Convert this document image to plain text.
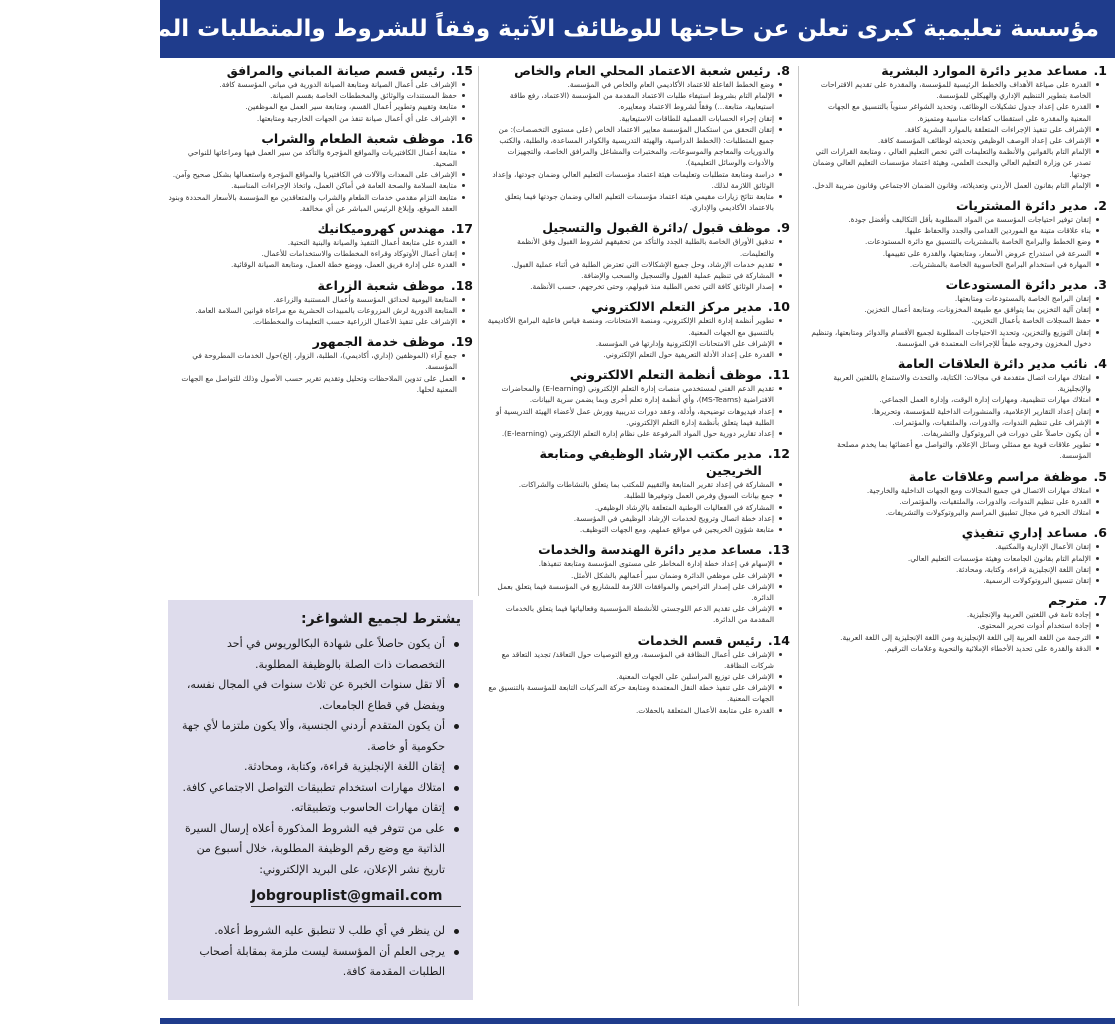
مؤسسة تعليمية كبرى تعلن عن حاجتها للوظائف الآتية وفقاً للشروط والمتطلبات المبينة لكل منها:
1.
مساعد مدير دائرة الموارد البشرية
القدرة على صياغة الأهداف والخطط الرئيسية للمؤسسة، والمقدرة على تقديم الاقتراحات الخاصة بتطوير التنظيم الإداري والهيكلي للمؤسسة.
القدرة على إعداد جدول تشكيلات الوظائف، وتحديد الشواغر سنوياً بالتنسيق مع الجهات المعنية والمقدرة على استقطاب كفاءات مناسبة ومتميزة.
الإشراف على تنفيذ الإجراءات المتعلقة بالموارد البشرية كافة.
الإشراف على إعداد الوصف الوظيفي وتحديثه لوظائف المؤسسة كافة.
الإلمام التام بالقوانين والأنظمة والتعليمات التي تخص التعليم العالي ، ومتابعة القرارات التي تصدر عن وزارة التعليم العالي والبحث العلمي، وهيئة اعتماد مؤسسات التعليم العالي وضمان جودتها.
الإلمام التام بقانون العمل الأردني وتعديلاته، وقانون الضمان الاجتماعي وقانون ضريبة الدخل.
2.
مدير دائرة المشتريات
إتقان توفير احتياجات المؤسسة من المواد المطلوبة بأقل التكاليف وأفضل جودة.
بناء علاقات متينة مع الموردين القدامى والجدد والحفاظ عليها.
وضع الخطط والبرامج الخاصة بالمشتريات بالتنسيق مع دائرة المستودعات.
السرعة في استدراج عروض الأسعار، ومتابعتها، والقدرة على تقييمها.
المهارة في استخدام البرامج الحاسوبية الخاصة بالمشتريات.
3.
مدير دائرة المستودعات
إتقان البرامج الخاصة بالمستودعات ومتابعتها.
إتقان آلية التخزين بما يتوافق مع طبيعة المخزونات، ومتابعة أعمال التخزين.
حفظ السجلات الخاصة بأعمال التخزين.
إتقان التوزيع والتخزين، وتحديد الاحتياجات المطلوبة لجميع الأقسام والدوائر ومتابعتها، وتنظيم دخول المخزون وخروجه طبقاً للإجراءات المعتمدة في المؤسسة.
4.
نائب مدير دائرة العلاقات العامة
امتلاك مهارات اتصال متقدمة في مجالات: الكتابة، والتحدث والاستماع باللغتين العربية والإنجليزية.
امتلاك مهارات تنظيمية، ومهارات إدارة الوقت، وإدارة العمل الجماعي.
إتقان إعداد التقارير الإعلامية، والمنشورات الداخلية للمؤسسة، وتحريرها.
الإشراف على تنظيم الندوات، والدورات، والملتقيات، والمؤتمرات.
أن يكون حاصلاً على دورات في البروتوكول والتشريفات.
تطوير علاقات قوية مع ممثلي وسائل الإعلام، والتواصل مع أعضائها بما يخدم مصلحة المؤسسة.
5.
موظفة مراسم وعلاقات عامة
امتلاك مهارات الاتصال في جميع المجالات ومع الجهات الداخلية والخارجية.
القدرة على تنظيم الندوات، والدورات، والملتقيات، والمؤتمرات.
امتلاك الخبرة في مجال تطبيق المراسم والبروتوكولات والتشريفات.
6.
مساعد إداري تنفيذي
إتقان الأعمال الإدارية والمكتبية.
الإلمام التام بقانون الجامعات وهيئة مؤسسات التعليم العالي.
إتقان اللغة الإنجليزية قراءة، وكتابة، ومحادثة.
إتقان تنسيق البروتوكولات الرسمية.
7.
مترجم
إجادة تامة في اللغتين العربية والإنجليزية.
إجادة استخدام أدوات تحرير المحتوى.
الترجمة من اللغة العربية إلى اللغة الإنجليزية ومن اللغة الإنجليزية إلى اللغة العربية.
الدقة والقدرة على تحديد الأخطاء الإملائية والنحوية وعلامات الترقيم.
8.
رئيس شعبة الاعتماد المحلي العام والخاص
وضع الخطط الفاعلة للاعتماد الأكاديمي العام والخاص في المؤسسة.
الإلمام التام بشروط استيفاء طلبات الاعتماد المقدمة من المؤسسة (الاعتماد، رفع طاقة استيعابية، متابعة...) وفقاً لشروط الاعتماد ومعاييره.
إتقان إجراء الحسابات الفصلية للطاقات الاستيعابية.
إتقان التحقق من استكمال المؤسسة معايير الاعتماد الخاص (على مستوى التخصصات): من جميع المتطلبات: (الخطط الدراسية، والهيئة التدريسية والكوادر المساعدة، والطلبة، والكتب والدوريات والمعاجم والموسوعات، والمختبرات والمشاغل والمرافق الخاصة، والتجهيزات والأدوات والوسائل التعليمية).
دراسة ومتابعة متطلبات وتعليمات هيئة اعتماد مؤسسات التعليم العالي وضمان جودتها، وإعداد الوثائق اللازمة لذلك.
متابعة نتائج زيارات مقيمي هيئة اعتماد مؤسسات التعليم العالي وضمان جودتها فيما يتعلق بالاعتماد الأكاديمي والإداري.
9.
موظف قبول /دائرة القبول والتسجيل
تدقيق الأوراق الخاصة بالطلبة الجدد والتأكد من تحقيقهم لشروط القبول وفق الأنظمة والتعليمات.
تقديم خدمات الإرشاد، وحل جميع الإشكالات التي تعترض الطلبة في أثناء عملية القبول.
المشاركة في تنظيم عملية القبول والتسجيل والسحب والإضافة.
إصدار الوثائق كافة التي تخص الطلبة منذ قبولهم، وحتى تخرجهم، حسب الأنظمة.
10.
مدير مركز التعلم الالكتروني
تطوير أنظمة إدارة التعلم الإلكتروني، ومنصة الامتحانات، ومنصة قياس فاعلية البرامج الأكاديمية بالتنسيق مع الجهات المعنية.
الإشراف على الامتحانات الإلكترونية وإدارتها في المؤسسة.
القدرة على إعداد الأدلة التعريفية حول التعلم الإلكتروني.
11.
موظف أنظمة التعلم الالكتروني
تقديم الدعم الفني لمستخدمي منصات إدارة التعلم الإلكتروني (E-learning) والمحاضرات الافتراضية (MS-Teams)، وأي أنظمة إدارة تعلم أخرى وبما يضمن سرية البيانات.
إعداد فيديوهات توضيحية، وأدلة، وعقد دورات تدريبية وورش عمل لأعضاء الهيئة التدريسية أو الطلبة فيما يتعلق بأنظمة إدارة التعلم الإلكتروني.
إعداد تقارير دورية حول المواد المرفوعة على نظام إدارة التعلم الإلكتروني (E-learning).
12.
مدير مكتب الإرشاد الوظيفي ومتابعة الخريجين
المشاركة في إعداد تقرير المتابعة والتقييم للمكتب بما يتعلق بالنشاطات والشراكات.
جمع بيانات السوق وفرص العمل وتوفيرها للطلبة.
المشاركة في الفعاليات الوطنية المتعلقة بالإرشاد الوظيفي.
إعداد خطة اتصال وترويج لخدمات الإرشاد الوظيفي في المؤسسة.
متابعة شؤون الخريجين في مواقع عملهم، ومع الجهات التوظيف.
13.
مساعد مدير دائرة الهندسة والخدمات
الإسهام في إعداد خطة إدارة المخاطر على مستوى المؤسسة ومتابعة تنفيذها.
الإشراف على موظفي الدائرة وضمان سير أعمالهم بالشكل الأمثل.
الإشراف على إصدار التراخيص والموافقات اللازمة للمشاريع في المؤسسة فيما يتعلق بعمل الدائرة.
الإشراف على تقديم الدعم اللوجستي للأنشطة المؤسسية وفعالياتها فيما يتعلق بالخدمات المقدمة من الدائرة.
14.
رئيس قسم الخدمات
الإشراف على أعمال النظافة في المؤسسة، ورفع التوصيات حول التعاقد/ تجديد التعاقد مع شركات النظافة.
الإشراف على توزيع المراسلين على الجهات المعنية.
الإشراف على تنفيذ خطة النقل المعتمدة ومتابعة حركة المركبات التابعة للمؤسسة بالتنسيق مع الجهات المعنية.
القدرة على متابعة الأعمال المتعلقة بالحفلات.
15.
رئيس قسم صيانة المباني والمرافق
الإشراف على أعمال الصيانة ومتابعة الصيانة الدورية في مباني المؤسسة كافة.
حفظ المستندات والوثائق والمخططات الخاصة بقسم الصيانة.
متابعة وتقييم وتطوير أعمال القسم، ومتابعة سير العمل مع الموظفين.
الإشراف على أي أعمال صيانة تنفذ من الجهات الخارجية ومتابعتها.
16.
موظف شعبة الطعام والشراب
متابعة أعمال الكافتيريات والمواقع المؤجرة والتأكد من سير العمل فيها ومراعاتها للنواحي الصحية.
الإشراف على المعدات والآلات في الكافتيريا والمواقع المؤجرة واستعمالها بشكل صحيح وآمن.
متابعة السلامة والصحة العامة في أماكن العمل، واتخاذ الإجراءات المناسبة.
متابعة التزام مقدمي خدمات الطعام والشراب والمتعاقدين مع المؤسسة بالأسعار المحددة وبنود العقد الموقع، وإبلاغ الرئيس المباشر عن أي مخالفة.
17.
مهندس كهروميكانيك
القدرة على متابعة أعمال التنفيذ والصيانة والبنية التحتية.
إتقان أعمال الأوتوكاد وقراءة المخططات والاستخدامات للأعمال.
القدرة على إدارة فريق العمل، ووضع خطة العمل، ومتابعة الصيانة الوقائية.
18.
موظف شعبة الزراعة
المتابعة اليومية لحدائق المؤسسة وأعمال المستنبة والزراعة.
المتابعة الدورية لرش المزروعات بالمبيدات الحشرية مع مراعاة قوانين السلامة العامة.
الإشراف على تنفيذ الأعمال الزراعية حسب التعليمات والمخططات.
19.
موظف خدمة الجمهور
جمع آراء (الموظفين (إداري، أكاديمي)، الطلبة، الزوار، إلخ)حول الخدمات المطروحة في المؤسسة.
العمل على تدوين الملاحظات وتحليل وتقديم تقرير حسب الأصول وذلك للتواصل مع الجهات المعنية لحلها.
يشترط لجميع الشواغر:
أن يكون حاصلاً على شهادة البكالوريوس في أحد التخصصات ذات الصلة بالوظيفة المطلوبة.
ألا تقل سنوات الخبرة عن ثلاث سنوات في المجال نفسه، ويفضل في قطاع الجامعات.
أن يكون المتقدم أردني الجنسية، وألا يكون ملتزما لأي جهة حكومية أو خاصة.
إتقان اللغة الإنجليزية قراءة، وكتابة، ومحادثة.
امتلاك مهارات استخدام تطبيقات التواصل الاجتماعي كافة.
إتقان مهارات الحاسوب وتطبيقاته.
على من تتوفر فيه الشروط المذكورة أعلاه إرسال السيرة الذاتية مع وضع رقم الوظيفة المطلوبة، خلال أسبوع من تاريخ نشر الإعلان، على البريد الإلكتروني:
Jobgrouplist@gmail.com
لن ينظر في أي طلب لا تنطبق عليه الشروط أعلاه.
يرجى العلم أن المؤسسة ليست ملزمة بمقابلة أصحاب الطلبات المقدمة كافة.
